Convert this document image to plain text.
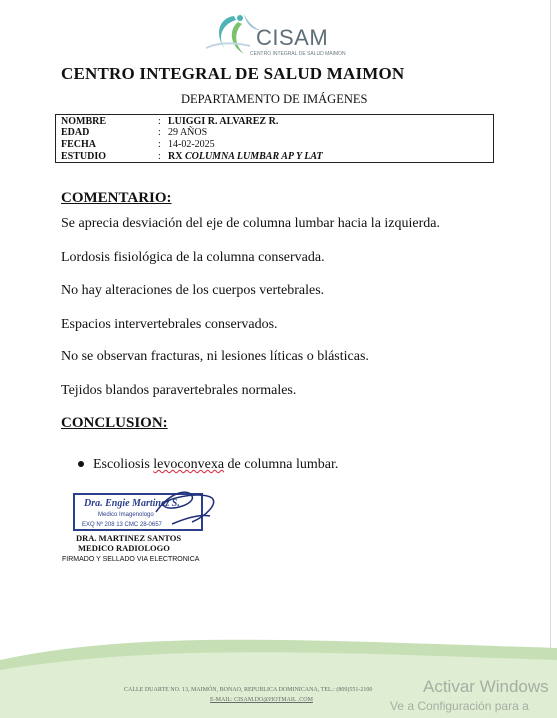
CISAM
CENTRO INTEGRAL DE SALUD MAIMON
CENTRO INTEGRAL DE SALUD MAIMON
DEPARTAMENTO DE IMÁGENES
NOMBRE	: LUIGGI R. ALVAREZ R.
EDAD	: 29 AÑOS
FECHA	: 14-02-2025
ESTUDIO	: RX COLUMNA LUMBAR AP Y LAT
COMENTARIO:
Se aprecia desviación del eje de columna lumbar hacia la izquierda.
Lordosis fisiológica de la columna conservada.
No hay alteraciones de los cuerpos vertebrales.
Espacios intervertebrales conservados.
No se observan fracturas, ni lesiones líticas o blásticas.
Tejidos blandos paravertebrales normales.
CONCLUSION:
Escoliosis levoconvexa de columna lumbar.
Dra. Engie Martinez S.
Medico Imagenologo
EXQ Nº 208 13 CMC 28-0657
DRA. MARTINEZ SANTOS
MEDICO RADIOLOGO
FIRMADO Y SELLADO VIA ELECTRONICA
CALLE DUARTE NO. 13, MAIMÓN, BONAO, REPUBLICA DOMINICANA, TEL.: (809)551-2100
E-MAIL: CISAM.DO@HOTMAIL .COM
Activar Windows
Ve a Configuración para a
